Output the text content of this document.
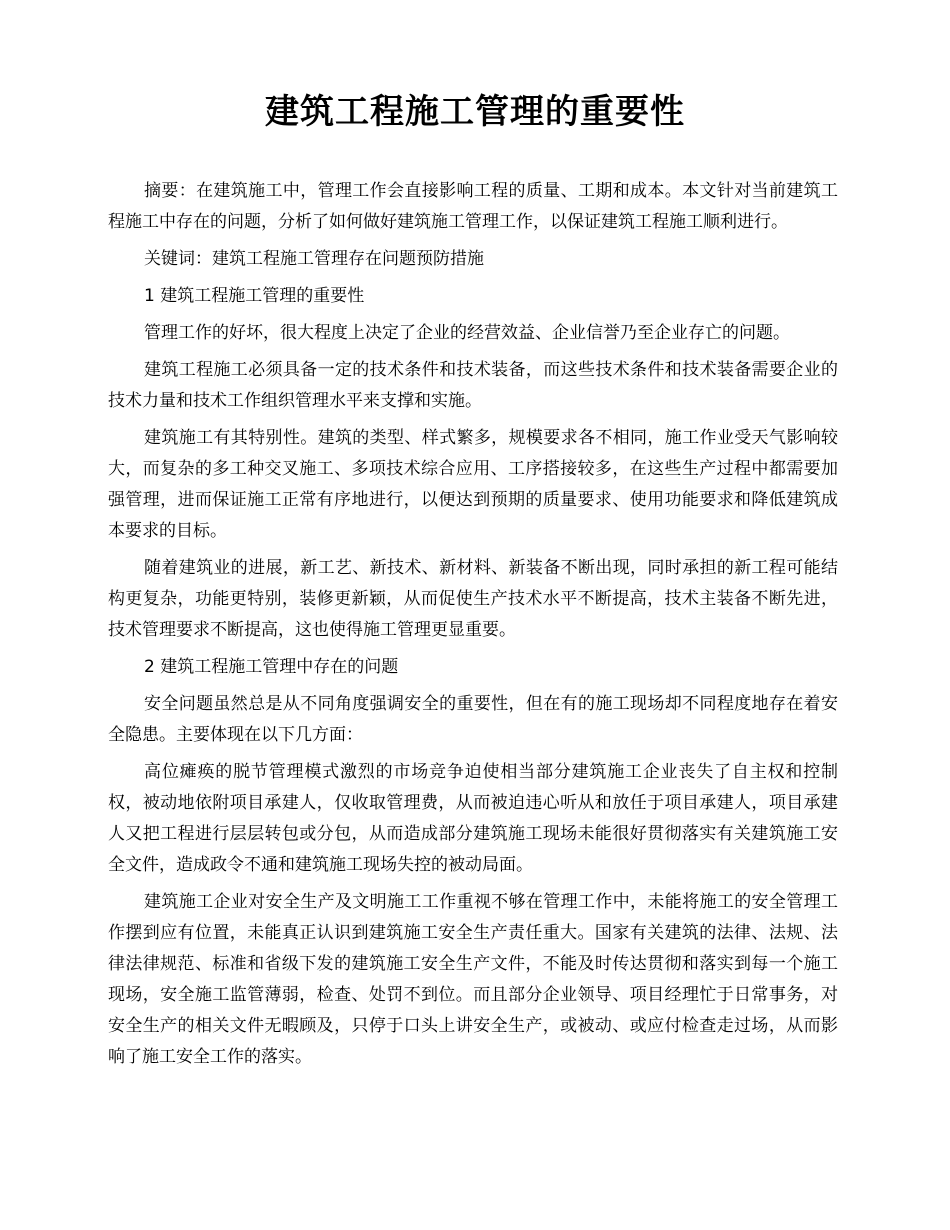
建筑工程施工管理的重要性

摘要：在建筑施工中，管理工作会直接影响工程的质量、工期和成本。本文针对当前建筑工程施工中存在的问题，分析了如何做好建筑施工管理工作，以保证建筑工程施工顺利进行。

关键词：建筑工程施工管理存在问题预防措施

1 建筑工程施工管理的重要性

管理工作的好坏，很大程度上决定了企业的经营效益、企业信誉乃至企业存亡的问题。

建筑工程施工必须具备一定的技术条件和技术装备，而这些技术条件和技术装备需要企业的技术力量和技术工作组织管理水平来支撑和实施。

建筑施工有其特别性。建筑的类型、样式繁多，规模要求各不相同，施工作业受天气影响较大，而复杂的多工种交叉施工、多项技术综合应用、工序搭接较多，在这些生产过程中都需要加强管理，进而保证施工正常有序地进行，以便达到预期的质量要求、使用功能要求和降低建筑成本要求的目标。

随着建筑业的进展，新工艺、新技术、新材料、新装备不断出现，同时承担的新工程可能结构更复杂，功能更特别，装修更新颖，从而促使生产技术水平不断提高，技术主装备不断先进，技术管理要求不断提高，这也使得施工管理更显重要。

2 建筑工程施工管理中存在的问题

安全问题虽然总是从不同角度强调安全的重要性，但在有的施工现场却不同程度地存在着安全隐患。主要体现在以下几方面：

高位瘫痪的脱节管理模式激烈的市场竞争迫使相当部分建筑施工企业丧失了自主权和控制权，被动地依附项目承建人，仅收取管理费，从而被迫违心听从和放任于项目承建人，项目承建人又把工程进行层层转包或分包，从而造成部分建筑施工现场未能很好贯彻落实有关建筑施工安全文件，造成政令不通和建筑施工现场失控的被动局面。

建筑施工企业对安全生产及文明施工工作重视不够在管理工作中，未能将施工的安全管理工作摆到应有位置，未能真正认识到建筑施工安全生产责任重大。国家有关建筑的法律、法规、法律法律规范、标准和省级下发的建筑施工安全生产文件，不能及时传达贯彻和落实到每一个施工现场，安全施工监管薄弱，检查、处罚不到位。而且部分企业领导、项目经理忙于日常事务，对安全生产的相关文件无暇顾及，只停于口头上讲安全生产，或被动、或应付检查走过场，从而影响了施工安全工作的落实。
